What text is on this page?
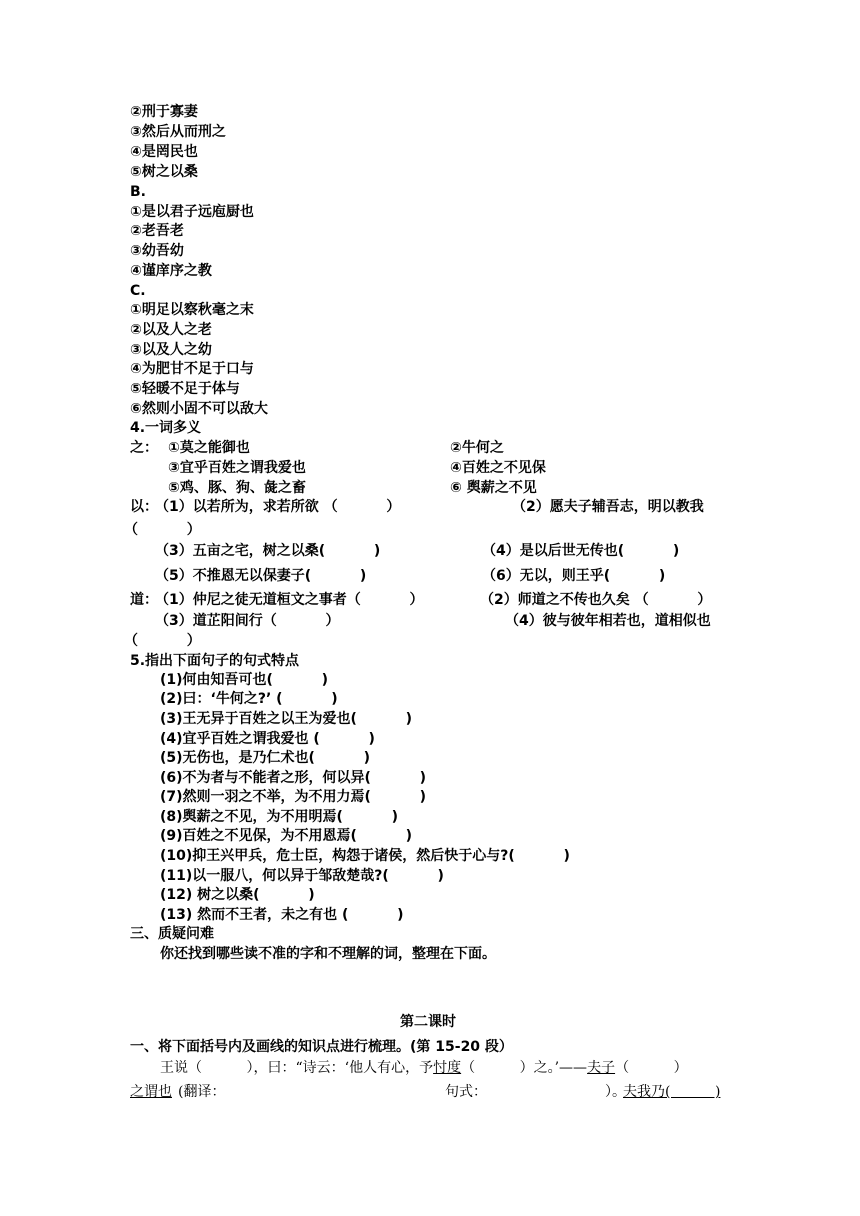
②刑于寡妻
③然后从而刑之
④是罔民也
⑤树之以桑
B.
①是以君子远庖厨也
②老吾老
③幼吾幼
④谨庠序之教
C.
①明足以察秋毫之末
②以及人之老
③以及人之幼
④为肥甘不足于口与
⑤轻暖不足于体与
⑥然则小固不可以敌大
4.一词多义
之： ①莫之能御也	②牛何之
③宜乎百姓之谓我爱也	④百姓之不见保
⑤鸡、豚、狗、彘之畜	⑥ 舆薪之不见
以：
（1）以若所为，求若所欲 （          ）	（2）愿夫子辅吾志，明以教我
（          ）
（3）五亩之宅，树之以桑(          )	（4）是以后世无传也(          )
（5）不推恩无以保妻子(          )	（6）无以，则王乎(          )
道：
（1）仲尼之徒无道桓文之事者（          ）	（2）师道之不传也久矣 （          ）
（3）道芷阳间行（          ）	（4）彼与彼年相若也，道相似也
（          ）
5.指出下面句子的句式特点
(1)何由知吾可也(          )
(2)曰：‘牛何之?’ (          )
(3)王无异于百姓之以王为爱也(          )
(4)宜乎百姓之谓我爱也 (          )
(5)无伤也，是乃仁术也(          )
(6)不为者与不能者之形，何以异(          )
(7)然则一羽之不举，为不用力焉(          )
(8)舆薪之不见，为不用明焉(          )
(9)百姓之不见保，为不用恩焉(          )
(10)抑王兴甲兵，危士臣，构怨于诸侯，然后快于心与?(          )
(11)以一服八，何以异于邹敌楚哉?(          )
(12) 树之以桑(          )
(13) 然而不王者，未之有也 (          )
三、质疑问难
你还找到哪些读不准的字和不理解的词，整理在下面。
第二课时
一、将下面括号内及画线的知识点进行梳理。(第 15-20 段）
王说（          ），曰：“诗云：‘他人有心，予忖度（          ）之。’——夫子（          ）
之谓也 (翻译：	句式：	）。
夫我乃(          )
